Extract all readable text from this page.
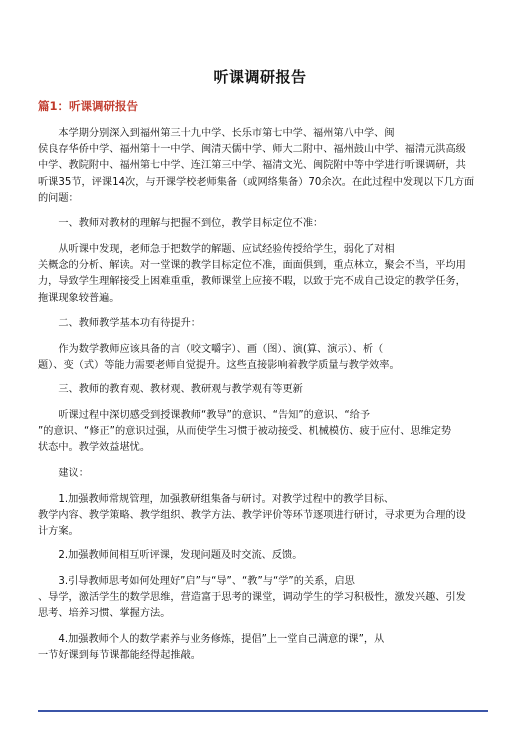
听课调研报告
篇1：听课调研报告
　　本学期分别深入到福州第三十九中学、长乐市第七中学、福州第八中学、闽
侯良存华侨中学、福州第十一中学、闽清天儒中学、师大二附中、福州鼓山中学、福清元洪高级
中学、教院附中、福州第七中学、连江第三中学、福清文光、闽院附中等中学进行听课调研，共
听课35节，评课14次，与开课学校老师集备（或网络集备）70余次。在此过程中发现以下几方面
的问题：
　　一、教师对教材的理解与把握不到位，教学目标定位不准：
　　从听课中发现，老师急于把数学的解题、应试经验传授给学生，弱化了对相
关概念的分析、解读。对一堂课的教学目标定位不准，面面俱到，重点林立，聚会不当，平均用
力，导致学生理解接受上困难重重，教师课堂上应接不暇，以致于完不成自己设定的教学任务，
拖课现象较普遍。
　　二、教师教学基本功有待提升：
　　作为数学教师应该具备的言（咬文嚼字）、画（图）、演(算、演示）、析（
题）、变（式）等能力需要老师自觉提升。这些直接影响着教学质量与教学效率。
　　三、教师的教育观、教材观、教研观与教学观有等更新
　　听课过程中深切感受到授课教师“教导”的意识、“告知”的意识、“给予
”的意识、“修正”的意识过强，从而使学生习惯于被动接受、机械模仿、疲于应付、思维定势
状态中。教学效益堪忧。
　　建议：
　　1.加强教师常规管理，加强教研组集备与研讨。对教学过程中的教学目标、
教学内容、教学策略、教学组织、教学方法、教学评价等环节逐项进行研讨，寻求更为合理的设
计方案。
　　2.加强教师间相互听评课，发现问题及时交流、反馈。
　　3.引导教师思考如何处理好”启”与“导”、“教”与“学”的关系，启思
、导学，激活学生的数学思维，营造富于思考的课堂，调动学生的学习积极性，激发兴趣、引发
思考、培养习惯、掌握方法。
　　4.加强教师个人的数学素养与业务修炼，提倡”上一堂自己满意的课”，从
一节好课到每节课都能经得起推敲。
